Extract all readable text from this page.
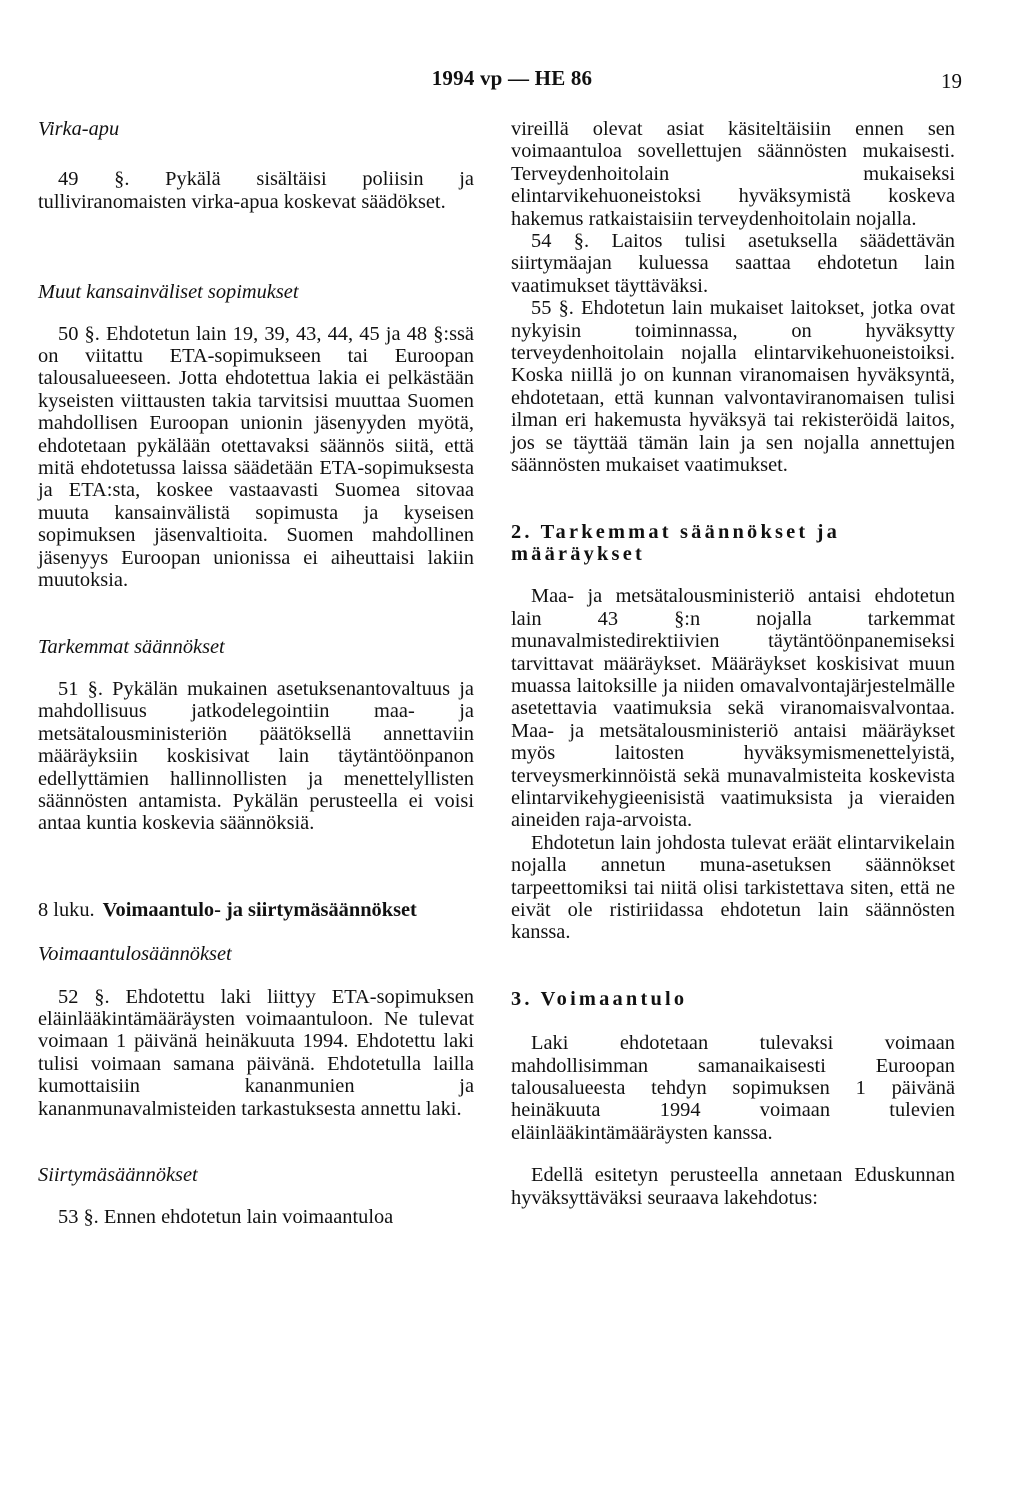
1994 vp — HE 86	19

Virka-apu

49 §. Pykälä sisältäisi poliisin ja tulliviranomaisten virka-apua koskevat säädökset.

Muut kansainväliset sopimukset

50 §. Ehdotetun lain 19, 39, 43, 44, 45 ja 48 §:ssä on viitattu ETA-sopimukseen tai Euroopan talousalueeseen. Jotta ehdotettua lakia ei pelkästään kyseisten viittausten takia tarvitsisi muuttaa Suomen mahdollisen Euroopan unionin jäsenyyden myötä, ehdotetaan pykälään otettavaksi säännös siitä, että mitä ehdotetussa laissa säädetään ETA-sopimuksesta ja ETA:sta, koskee vastaavasti Suomea sitovaa muuta kansainvälistä sopimusta ja kyseisen sopimuksen jäsenvaltioita. Suomen mahdollinen jäsenyys Euroopan unionissa ei aiheuttaisi lakiin muutoksia.

Tarkemmat säännökset

51 §. Pykälän mukainen asetuksenantovaltuus ja mahdollisuus jatkodelegointiin maa- ja metsätalousministeriön päätöksellä annettaviin määräyksiin koskisivat lain täytäntöönpanon edellyttämien hallinnollisten ja menettelyllisten säännösten antamista. Pykälän perusteella ei voisi antaa kuntia koskevia säännöksiä.

8 luku. Voimaantulo- ja siirtymäsäännökset

Voimaantulosäännökset

52 §. Ehdotettu laki liittyy ETA-sopimuksen eläinlääkintämääräysten voimaantuloon. Ne tulevat voimaan 1 päivänä heinäkuuta 1994. Ehdotettu laki tulisi voimaan samana päivänä. Ehdotetulla lailla kumottaisiin kananmunien ja kananmunavalmisteiden tarkastuksesta annettu laki.

Siirtymäsäännökset

53 §. Ennen ehdotetun lain voimaantuloa

vireillä olevat asiat käsiteltäisiin ennen sen voimaantuloa sovellettujen säännösten mukaisesti. Terveydenhoitolain mukaiseksi elintarvikehuoneistoksi hyväksymistä koskeva hakemus ratkaistaisiin terveydenhoitolain nojalla.

54 §. Laitos tulisi asetuksella säädettävän siirtymäajan kuluessa saattaa ehdotetun lain vaatimukset täyttäväksi.

55 §. Ehdotetun lain mukaiset laitokset, jotka ovat nykyisin toiminnassa, on hyväksytty terveydenhoitolain nojalla elintarvikehuoneistoiksi. Koska niillä jo on kunnan viranomaisen hyväksyntä, ehdotetaan, että kunnan valvontaviranomaisen tulisi ilman eri hakemusta hyväksyä tai rekisteröidä laitos, jos se täyttää tämän lain ja sen nojalla annettujen säännösten mukaiset vaatimukset.

2. Tarkemmat säännökset ja määräykset

Maa- ja metsätalousministeriö antaisi ehdotetun lain 43 §:n nojalla tarkemmat munavalmistedirektiivien täytäntöönpanemiseksi tarvittavat määräykset. Määräykset koskisivat muun muassa laitoksille ja niiden omavalvontajärjestelmälle asetettavia vaatimuksia sekä viranomaisvalvontaa. Maa- ja metsätalousministeriö antaisi määräykset myös laitosten hyväksymismenettelyistä, terveysmerkinnöistä sekä munavalmisteita koskevista elintarvikehygieenisistä vaatimuksista ja vieraiden aineiden raja-arvoista.

Ehdotetun lain johdosta tulevat eräät elintarvikelain nojalla annetun muna-asetuksen säännökset tarpeettomiksi tai niitä olisi tarkistettava siten, että ne eivät ole ristiriidassa ehdotetun lain säännösten kanssa.

3. Voimaantulo

Laki ehdotetaan tulevaksi voimaan mahdollisimman samanaikaisesti Euroopan talousalueesta tehdyn sopimuksen 1 päivänä heinäkuuta 1994 voimaan tulevien eläinlääkintämääräysten kanssa.

Edellä esitetyn perusteella annetaan Eduskunnan hyväksyttäväksi seuraava lakehdotus:
